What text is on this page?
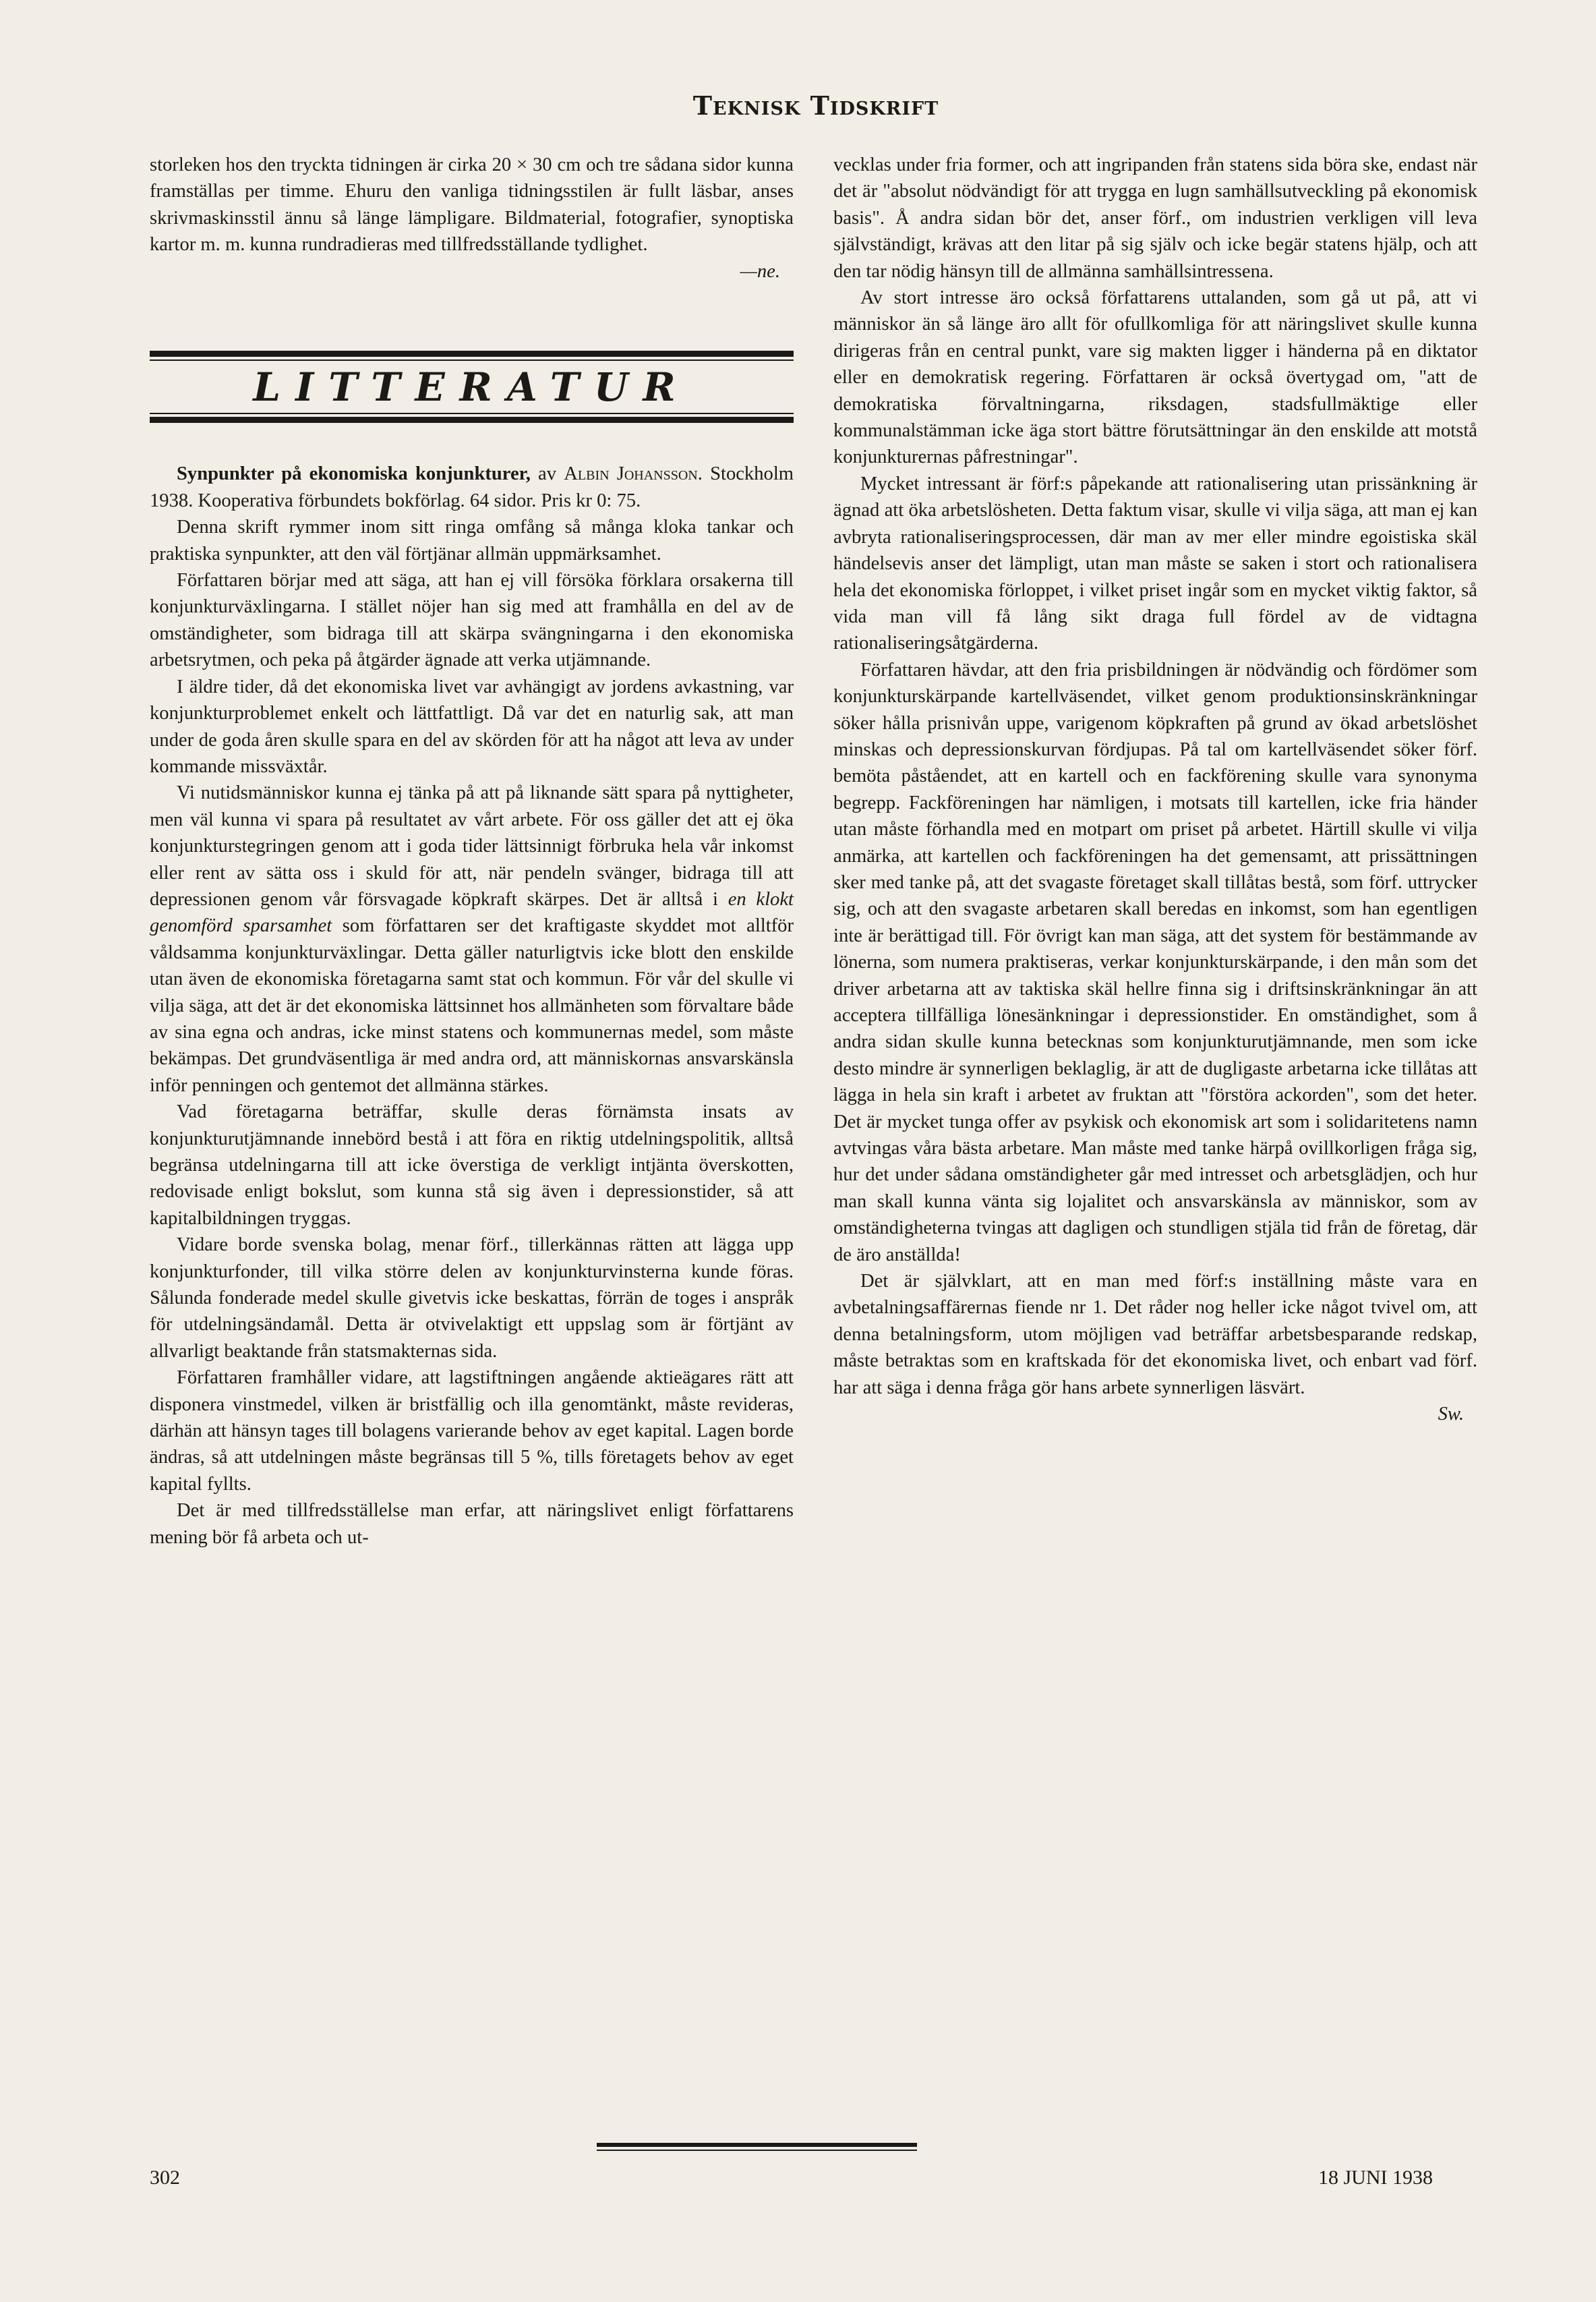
Teknisk Tidskrift

storleken hos den tryckta tidningen är cirka 20 × 30 cm och tre sådana sidor kunna framställas per timme. Ehuru den vanliga tidningsstilen är fullt läsbar, anses skrivmaskinsstil ännu så länge lämpligare. Bildmaterial, fotografier, synoptiska kartor m. m. kunna rundradieras med tillfredsställande tydlighet.

—ne.
LITTERATUR

Synpunkter på ekonomiska konjunkturer, av Albin Johansson. Stockholm 1938. Kooperativa förbundets bokförlag. 64 sidor. Pris kr 0: 75.

Denna skrift rymmer inom sitt ringa omfång så många kloka tankar och praktiska synpunkter, att den väl förtjänar allmän uppmärksamhet.

Författaren börjar med att säga, att han ej vill försöka förklara orsakerna till konjunkturväxlingarna. I stället nöjer han sig med att framhålla en del av de omständigheter, som bidraga till att skärpa svängningarna i den ekonomiska arbetsrytmen, och peka på åtgärder ägnade att verka utjämnande.

I äldre tider, då det ekonomiska livet var avhängigt av jordens avkastning, var konjunkturproblemet enkelt och lättfattligt. Då var det en naturlig sak, att man under de goda åren skulle spara en del av skörden för att ha något att leva av under kommande missväxtår.

Vi nutidsmänniskor kunna ej tänka på att på liknande sätt spara på nyttigheter, men väl kunna vi spara på resultatet av vårt arbete. För oss gäller det att ej öka konjunkturstegringen genom att i goda tider lättsinnigt förbruka hela vår inkomst eller rent av sätta oss i skuld för att, när pendeln svänger, bidraga till att depressionen genom vår försvagade köpkraft skärpes. Det är alltså i en klokt genomförd sparsamhet som författaren ser det kraftigaste skyddet mot alltför våldsamma konjunkturväxlingar. Detta gäller naturligtvis icke blott den enskilde utan även de ekonomiska företagarna samt stat och kommun. För vår del skulle vi vilja säga, att det är det ekonomiska lättsinnet hos allmänheten som förvaltare både av sina egna och andras, icke minst statens och kommunernas medel, som måste bekämpas. Det grundväsentliga är med andra ord, att människornas ansvarskänsla inför penningen och gentemot det allmänna stärkes.

Vad företagarna beträffar, skulle deras förnämsta insats av konjunkturutjämnande innebörd bestå i att föra en riktig utdelningspolitik, alltså begränsa utdelningarna till att icke överstiga de verkligt intjänta överskotten, redovisade enligt bokslut, som kunna stå sig även i depressionstider, så att kapitalbildningen tryggas.

Vidare borde svenska bolag, menar förf., tillerkännas rätten att lägga upp konjunkturfonder, till vilka större delen av konjunkturvinsterna kunde föras. Sålunda fonderade medel skulle givetvis icke beskattas, förrän de toges i anspråk för utdelningsändamål. Detta är otvivelaktigt ett uppslag som är förtjänt av allvarligt beaktande från statsmakternas sida.

Författaren framhåller vidare, att lagstiftningen angående aktieägares rätt att disponera vinstmedel, vilken är bristfällig och illa genomtänkt, måste revideras, därhän att hänsyn tages till bolagens varierande behov av eget kapital. Lagen borde ändras, så att utdelningen måste begränsas till 5 %, tills företagets behov av eget kapital fyllts.

Det är med tillfredsställelse man erfar, att näringslivet enligt författarens mening bör få arbeta och ut-

vecklas under fria former, och att ingripanden från statens sida böra ske, endast när det är "absolut nödvändigt för att trygga en lugn samhällsutveckling på ekonomisk basis". Å andra sidan bör det, anser förf., om industrien verkligen vill leva självständigt, krävas att den litar på sig själv och icke begär statens hjälp, och att den tar nödig hänsyn till de allmänna samhällsintressena.

Av stort intresse äro också författarens uttalanden, som gå ut på, att vi människor än så länge äro allt för ofullkomliga för att näringslivet skulle kunna dirigeras från en central punkt, vare sig makten ligger i händerna på en diktator eller en demokratisk regering. Författaren är också övertygad om, "att de demokratiska förvaltningarna, riksdagen, stadsfullmäktige eller kommunalstämman icke äga stort bättre förutsättningar än den enskilde att motstå konjunkturernas påfrestningar".

Mycket intressant är förf:s påpekande att rationalisering utan prissänkning är ägnad att öka arbetslösheten. Detta faktum visar, skulle vi vilja säga, att man ej kan avbryta rationaliseringsprocessen, där man av mer eller mindre egoistiska skäl händelsevis anser det lämpligt, utan man måste se saken i stort och rationalisera hela det ekonomiska förloppet, i vilket priset ingår som en mycket viktig faktor, så vida man vill få lång sikt draga full fördel av de vidtagna rationaliseringsåtgärderna.

Författaren hävdar, att den fria prisbildningen är nödvändig och fördömer som konjunkturskärpande kartellväsendet, vilket genom produktionsinskränkningar söker hålla prisnivån uppe, varigenom köpkraften på grund av ökad arbetslöshet minskas och depressionskurvan fördjupas. På tal om kartellväsendet söker förf. bemöta påståendet, att en kartell och en fackförening skulle vara synonyma begrepp. Fackföreningen har nämligen, i motsats till kartellen, icke fria händer utan måste förhandla med en motpart om priset på arbetet. Härtill skulle vi vilja anmärka, att kartellen och fackföreningen ha det gemensamt, att prissättningen sker med tanke på, att det svagaste företaget skall tillåtas bestå, som förf. uttrycker sig, och att den svagaste arbetaren skall beredas en inkomst, som han egentligen inte är berättigad till. För övrigt kan man säga, att det system för bestämmande av lönerna, som numera praktiseras, verkar konjunkturskärpande, i den mån som det driver arbetarna att av taktiska skäl hellre finna sig i driftsinskränkningar än att acceptera tillfälliga lönesänkningar i depressionstider. En omständighet, som å andra sidan skulle kunna betecknas som konjunkturutjämnande, men som icke desto mindre är synnerligen beklaglig, är att de dugligaste arbetarna icke tillåtas att lägga in hela sin kraft i arbetet av fruktan att "förstöra ackorden", som det heter. Det är mycket tunga offer av psykisk och ekonomisk art som i solidaritetens namn avtvingas våra bästa arbetare. Man måste med tanke härpå ovillkorligen fråga sig, hur det under sådana omständigheter går med intresset och arbetsglädjen, och hur man skall kunna vänta sig lojalitet och ansvarskänsla av människor, som av omständigheterna tvingas att dagligen och stundligen stjäla tid från de företag, där de äro anställda!

Det är självklart, att en man med förf:s inställning måste vara en avbetalningsaffärernas fiende nr 1. Det råder nog heller icke något tvivel om, att denna betalningsform, utom möjligen vad beträffar arbetsbesparande redskap, måste betraktas som en kraftskada för det ekonomiska livet, och enbart vad förf. har att säga i denna fråga gör hans arbete synnerligen läsvärt.

Sw.
302	18 JUNI 1938
